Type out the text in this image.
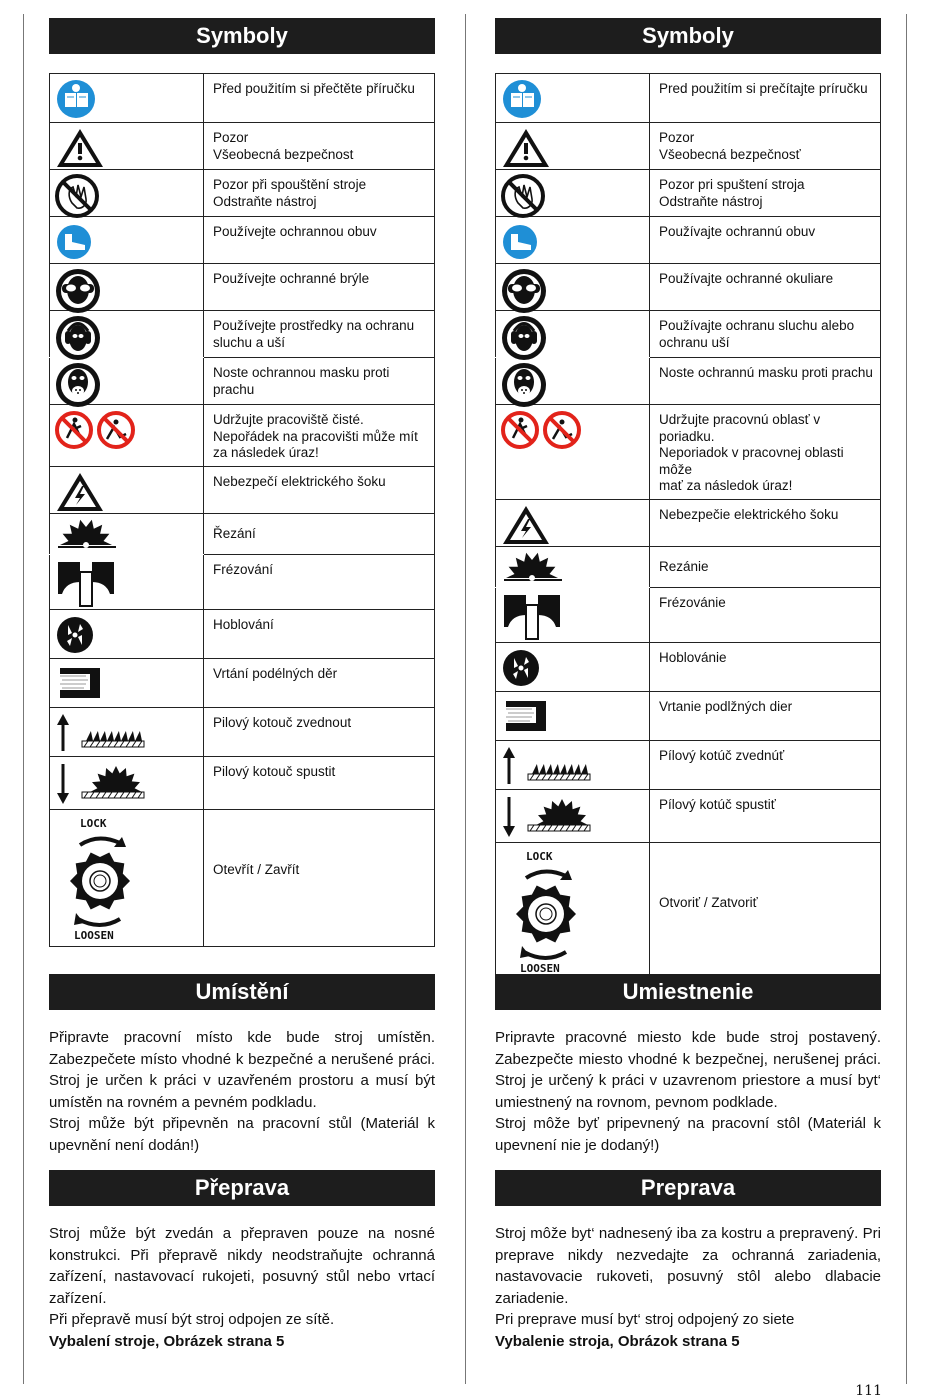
Symboly
	Před použitím si přečtěte příručku

	Pozor
Všeobecná bezpečnost

	Pozor při spouštění stroje
Odstraňte nástroj

	Používejte ochrannou obuv

	Používejte ochranné brýle

	Používejte prostředky na ochranu
sluchu a uší

	Noste ochrannou masku proti
prachu

	Udržujte pracoviště čisté.
Nepořádek na pracovišti může mít
za následek úraz!

	Nebezpečí elektrického šoku

	Řezání

	Frézování

	Hoblování

	Vrtání podélných děr

	Pilový kotouč zvednout

	Pilový kotouč spustit

LOCK
LOOSEN	Otevřít / Zavřít
Umístění

Připravte pracovní místo kde bude stroj umístěn. Zabezpečete místo vhodné k bezpečné a nerušené práci. Stroj je určen k práci v uzavřeném prostoru a musí být umístěn na rovném a pevném podkladu.

Stroj může být připevněn na pracovní stůl (Materiál k upevnění není dodán!)

Přeprava

Stroj může být zvedán a přepraven pouze na nosné konstrukci. Při přepravě nikdy neodstraňujte ochranná zařízení, nastavovací rukojeti, posuvný stůl nebo vrtací zařízení.

Při přepravě musí být stroj odpojen ze sítě.

Vybalení stroje, Obrázek strana 5
Symboly
	Pred použitím si prečítajte príručku

	Pozor
Všeobecná bezpečnosť

	Pozor pri spuštení stroja
Odstraňte nástroj

	Používajte ochrannú obuv

	Používajte ochranné okuliare

	Používajte ochranu sluchu alebo
ochranu uší

	Noste ochrannú masku proti prachu

	Udržujte pracovnú oblasť v poriadku.
Neporiadok v pracovnej oblasti môže
mať za následok úraz!

	Nebezpečie elektrického šoku

	Rezánie

	Frézovánie

	Hoblovánie

	Vrtanie podlžných dier

	Pílový kotúč zvednúť

	Pílový kotúč spustiť

LOCK
LOOSEN	Otvoriť / Zatvoriť
Umiestnenie

Pripravte pracovné miesto kde bude stroj postavený. Zabezpečte miesto vhodné k bezpečnej, nerušenej práci. Stroj je určený k práci v uzavrenom priestore a musí byt‘ umiestnený na rovnom, pevnom podklade.

Stroj môže byť pripevnený na pracovní stôl (Materiál k upevnení nie je dodaný!)

Preprava

Stroj môže byt‘ nadnesený iba za kostru a prepravený. Pri preprave nikdy nezvedajte za ochranná zariadenia, nastavovacie rukoveti, posuvný stôl alebo dlabacie zariadenie.

Pri preprave musí byt‘ stroj odpojený zo siete

Vybalenie stroja, Obrázok strana 5
111
